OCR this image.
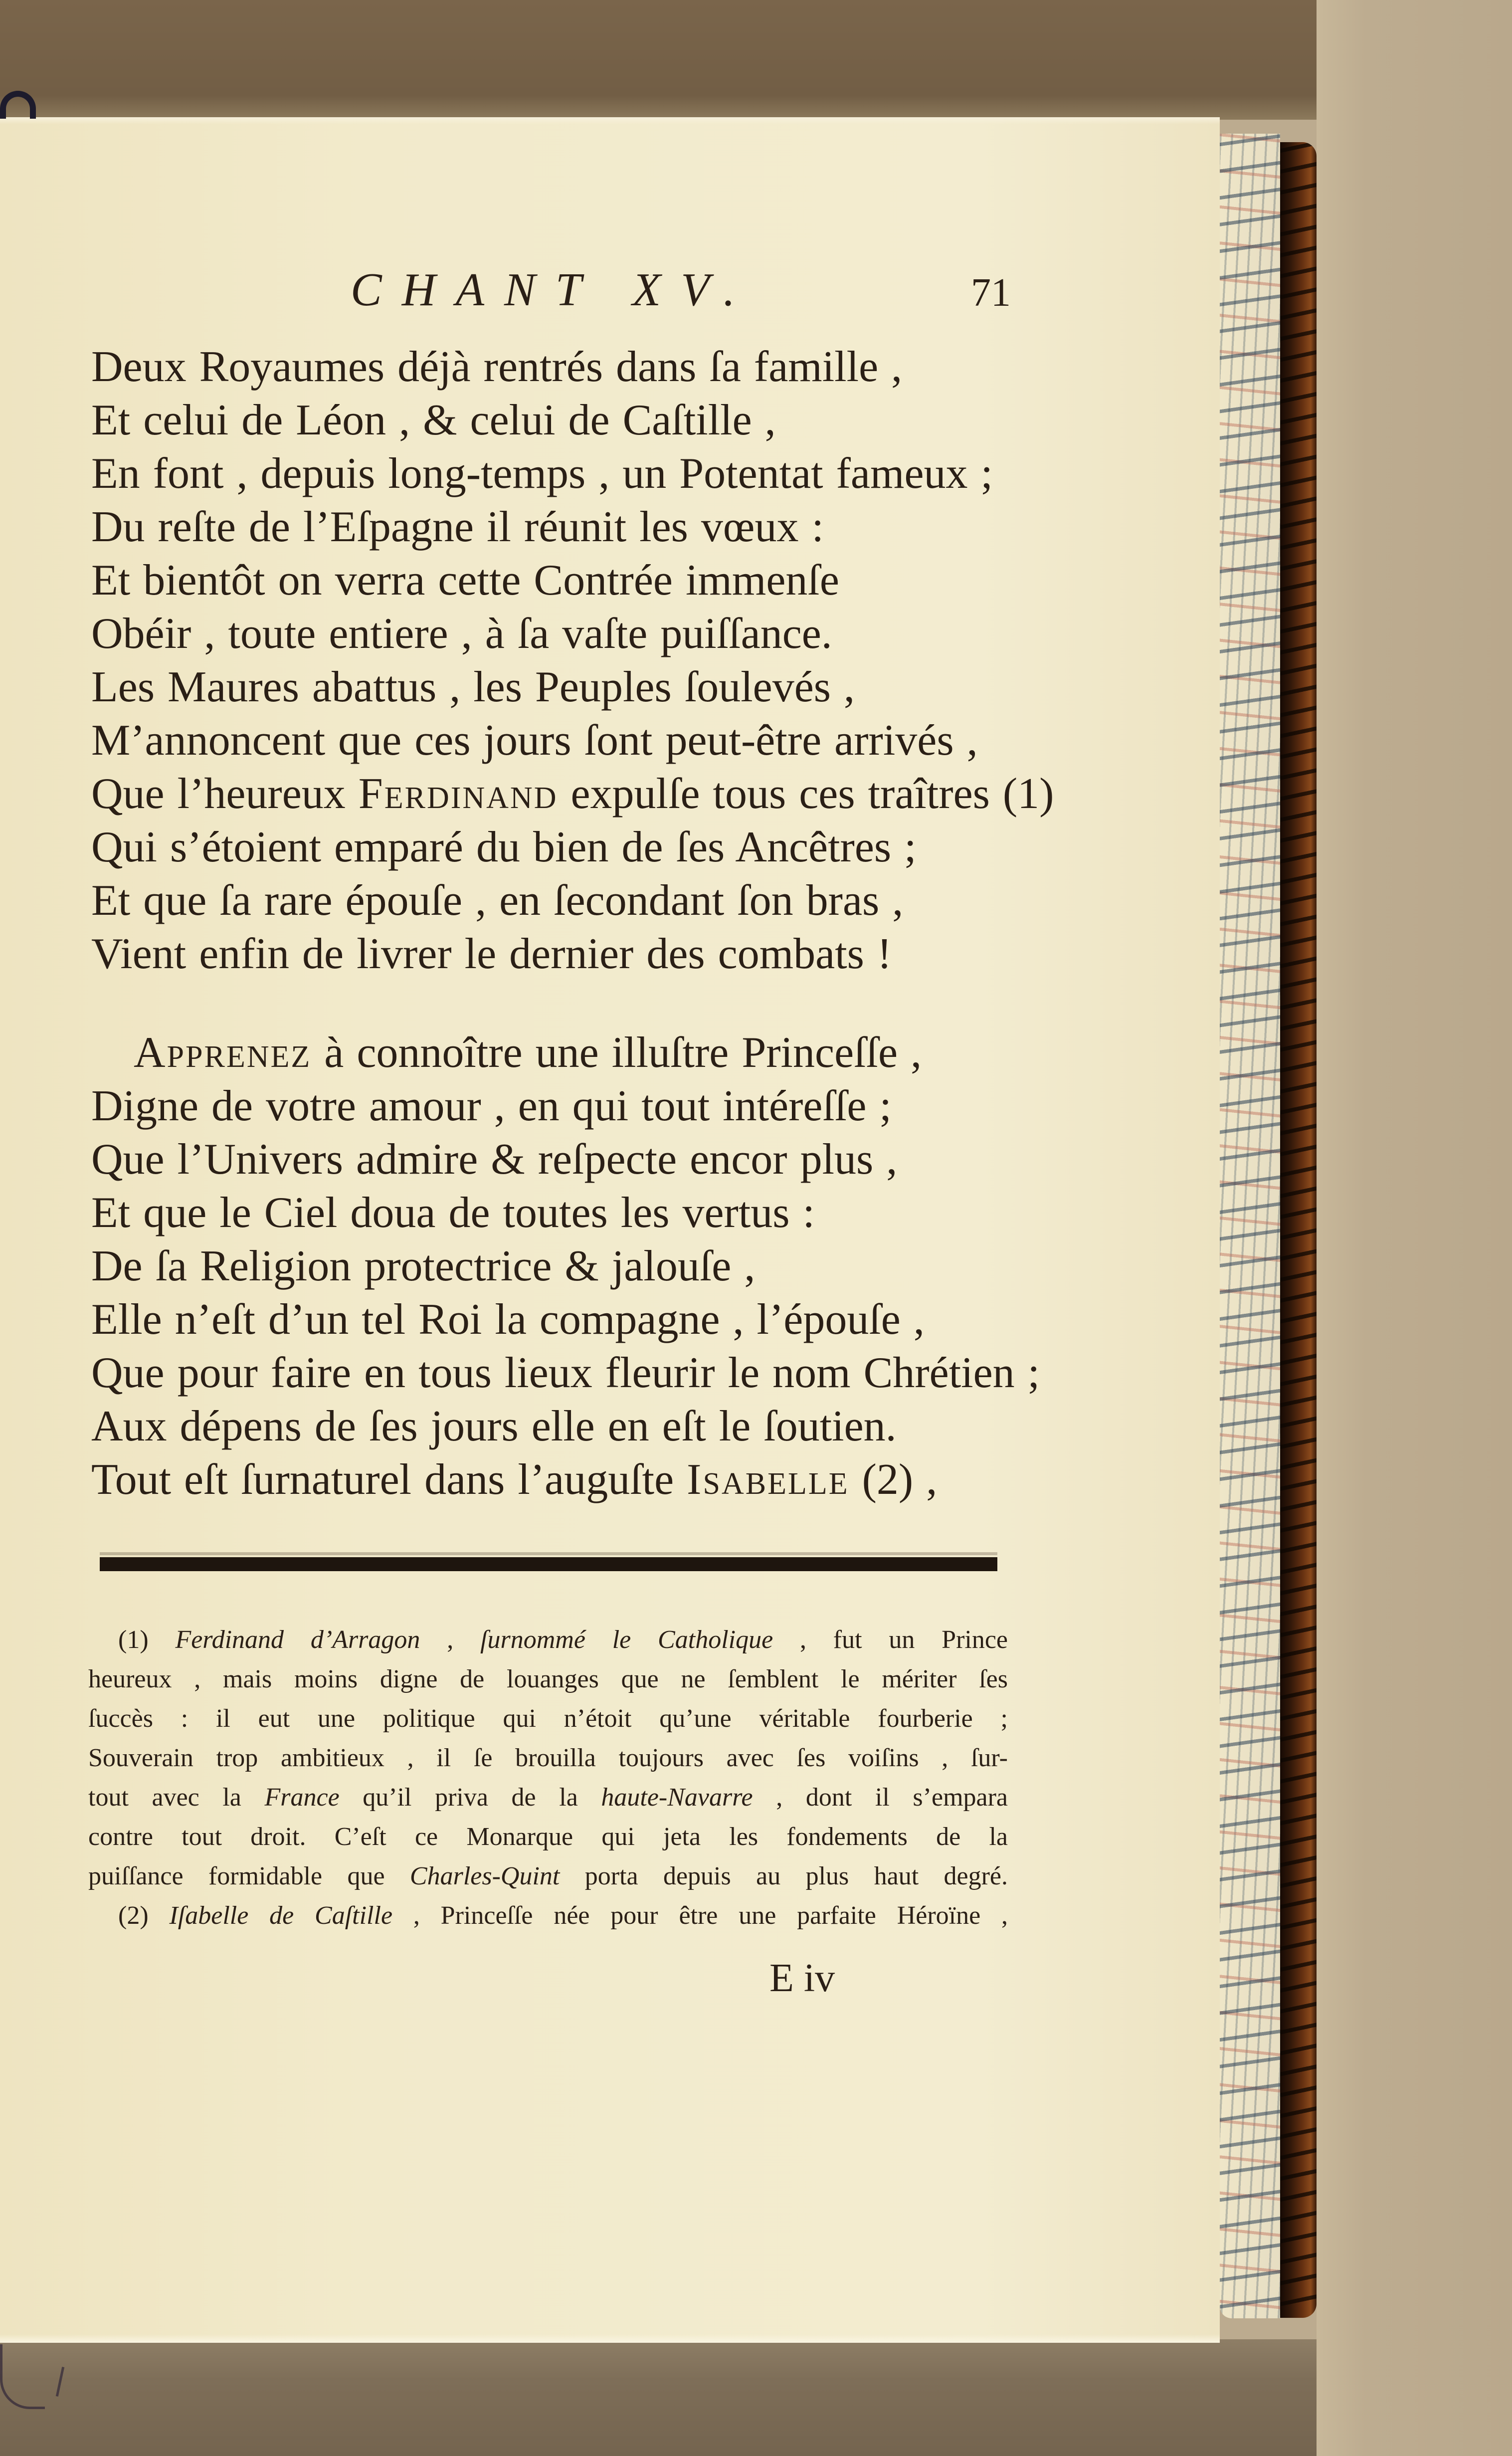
CHANT XV.	71
Deux Royaumes déjà rentrés dans ſa famille ,
Et celui de Léon , & celui de Caſtille ,
En font , depuis long-temps , un Potentat fameux ;
Du reſte de l’Eſpagne il réunit les vœux :
Et bientôt on verra cette Contrée immenſe
Obéir , toute entiere , à ſa vaſte puiſſance.
Les Maures abattus , les Peuples ſoulevés ,
M’annoncent que ces jours ſont peut-être arrivés ,
Que l’heureux Ferdinand expulſe tous ces traîtres (1)
Qui s’étoient emparé du bien de ſes Ancêtres ;
Et que ſa rare épouſe , en ſecondant ſon bras ,
Vient enfin de livrer le dernier des combats !
Apprenez à connoître une illuſtre Princeſſe ,
Digne de votre amour , en qui tout intéreſſe ;
Que l’Univers admire & reſpecte encor plus ,
Et que le Ciel doua de toutes les vertus :
De ſa Religion protectrice & jalouſe ,
Elle n’eſt d’un tel Roi la compagne , l’épouſe ,
Que pour faire en tous lieux fleurir le nom Chrétien ;
Aux dépens de ſes jours elle en eſt le ſoutien.
Tout eſt ſurnaturel dans l’auguſte Isabelle (2) ,
(1) Ferdinand d’Arragon , ſurnommé le Catholique , fut un Prince
heureux , mais moins digne de louanges que ne ſemblent le mériter ſes
ſuccès : il eut une politique qui n’étoit qu’une véritable fourberie ;
Souverain trop ambitieux , il ſe brouilla toujours avec ſes voiſins , ſur-
tout avec la France qu’il priva de la haute-Navarre , dont il s’empara
contre tout droit. C’eſt ce Monarque qui jeta les fondements de la
puiſſance formidable que Charles-Quint porta depuis au plus haut degré.
(2) Iſabelle de Caſtille , Princeſſe née pour être une parfaite Héroïne ,
E iv
